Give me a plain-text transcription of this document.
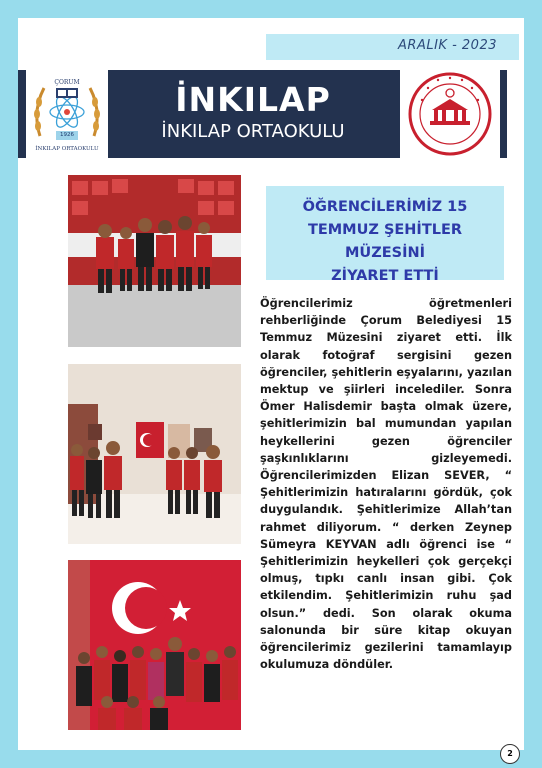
ARALIK - 2023
ÇORUM
1926
İNKILAP ORTAOKULU
İNKILAP
İNKILAP ORTAOKULU
ÖĞRENCİLERİMİZ 15
TEMMUZ ŞEHİTLER MÜZESİNİ
ZİYARET ETTİ
Öğrencilerimiz öğretmenleri rehberliğinde Çorum Belediyesi 15 Temmuz Müzesini ziyaret etti. İlk olarak fotoğraf sergisini gezen öğrenciler, şehitlerin eşyalarını, yazılan mektup ve şiirleri incelediler. Sonra Ömer Halisdemir başta olmak üzere, şehitlerimizin bal mumundan yapılan heykellerini gezen öğrenciler şaşkınlıklarını gizleyemedi. Öğrencilerimizden Elizan SEVER, “ Şehitlerimizin hatıralarını gördük, çok duygulandık. Şehitlerimize Allah’tan rahmet diliyorum. “ derken Zeynep Sümeyra KEYVAN adlı öğrenci ise “ Şehitlerimizin heykelleri çok gerçekçi olmuş, tıpkı canlı insan gibi. Çok etkilendim. Şehitlerimizin ruhu şad olsun.” dedi. Son olarak okuma salonunda bir süre kitap okuyan öğrencilerimiz gezilerini tamamlayıp okulumuza döndüler.
2
